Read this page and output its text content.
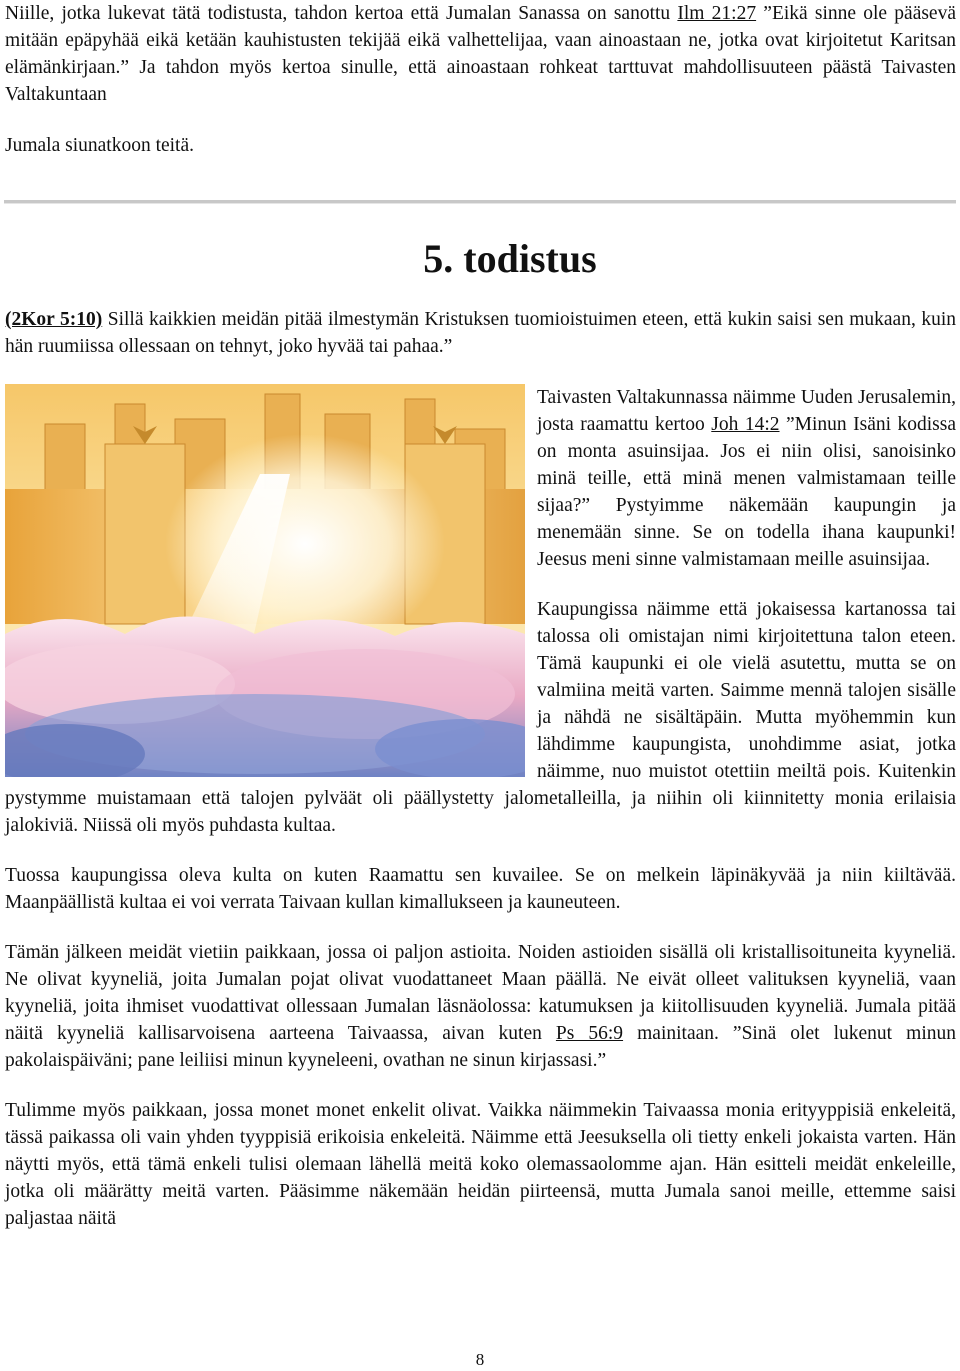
Niille, jotka lukevat tätä todistusta, tahdon kertoa että Jumalan Sanassa on sanottu Ilm 21:27 ”Eikä sinne ole pääsevä mitään epäpyhää eikä ketään kauhistusten tekijää eikä valhettelijaa, vaan ainoastaan ne, jotka ovat kirjoitetut Karitsan elämänkirjaan.” Ja tahdon myös kertoa sinulle, että ainoastaan rohkeat tarttuvat mahdollisuuteen päästä Taivasten Valtakuntaan

Jumala siunatkoon teitä.

5. todistus

(2Kor 5:10) Sillä kaikkien meidän pitää ilmestymän Kristuksen tuomioistuimen eteen, että kukin saisi sen mukaan, kuin hän ruumiissa ollessaan on tehnyt, joko hyvää tai pahaa.”

Taivasten Valtakunnassa näimme Uuden Jerusalemin, josta raamattu kertoo Joh 14:2 ”Minun Isäni kodissa on monta asuinsijaa. Jos ei niin olisi, sanoisinko minä teille, että minä menen valmistamaan teille sijaa?” Pystyimme näkemään kaupungin ja menemään sinne. Se on todella ihana kaupunki! Jeesus meni sinne valmistamaan meille asuinsijaa.

Kaupungissa näimme että jokaisessa kartanossa tai talossa oli omistajan nimi kirjoitettuna talon eteen. Tämä kaupunki ei ole vielä asutettu, mutta se on valmiina meitä varten. Saimme mennä talojen sisälle ja nähdä ne sisältäpäin. Mutta myöhemmin kun lähdimme kaupungista, unohdimme asiat, jotka näimme, nuo muistot otettiin meiltä pois. Kuitenkin pystymme muistamaan että talojen pylväät oli päällystetty jalometalleilla, ja niihin oli kiinnitetty monia erilaisia jalokiviä. Niissä oli myös puhdasta kultaa.

Tuossa kaupungissa oleva kulta on kuten Raamattu sen kuvailee. Se on melkein läpinäkyvää ja niin kiiltävää. Maanpäällistä kultaa ei voi verrata Taivaan kullan kimallukseen ja kauneuteen.

Tämän jälkeen meidät vietiin paikkaan, jossa oi paljon astioita. Noiden astioiden sisällä oli kristallisoituneita kyyneliä. Ne olivat kyyneliä, joita Jumalan pojat olivat vuodattaneet Maan päällä. Ne eivät olleet valituksen kyyneliä, vaan kyyneliä, joita ihmiset vuodattivat ollessaan Jumalan läsnäolossa: katumuksen ja kiitollisuuden kyyneliä. Jumala pitää näitä kyyneliä kallisarvoisena aarteena Taivaassa, aivan kuten Ps 56:9 mainitaan. ”Sinä olet lukenut minun pakolaispäiväni; pane leiliisi minun kyyneleeni, ovathan ne sinun kirjassasi.”

Tulimme myös paikkaan, jossa monet monet enkelit olivat. Vaikka näimmekin Taivaassa monia erityyppisiä enkeleitä, tässä paikassa oli vain yhden tyyppisiä erikoisia enkeleitä. Näimme että Jeesuksella oli tietty enkeli jokaista varten. Hän näytti myös, että tämä enkeli tulisi olemaan lähellä meitä koko olemassaolomme ajan. Hän esitteli meidät enkeleille, jotka oli määrätty meitä varten. Pääsimme näkemään heidän piirteensä, mutta Jumala sanoi meille, ettemme saisi paljastaa näitä

8
